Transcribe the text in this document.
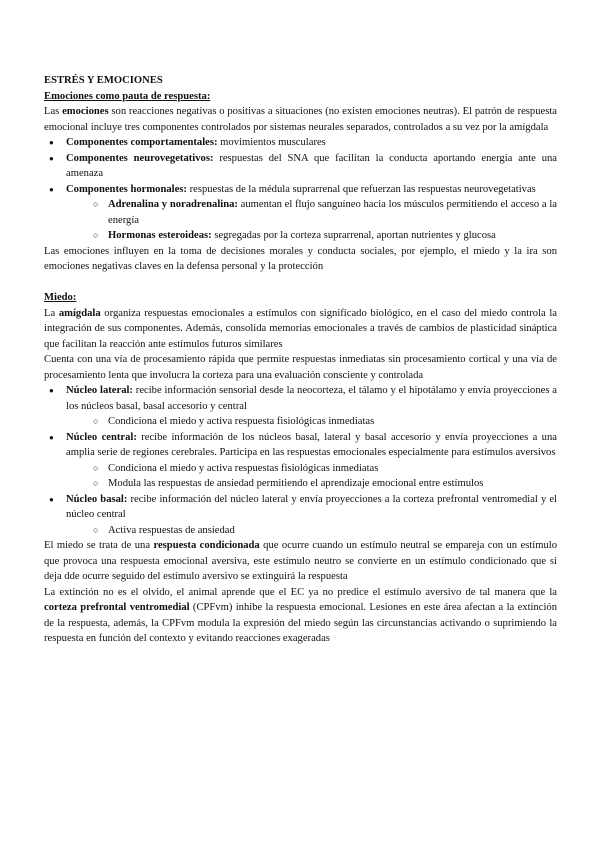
ESTRÉS Y EMOCIONES

Emociones como pauta de respuesta:

Las emociones son reacciones negativas o positivas a situaciones (no existen emociones neutras). El patrón de respuesta emocional incluye tres componentes controlados por sistemas neurales separados, controlados a su vez por la amígdala

● Componentes comportamentales: movimientos musculares
● Componentes neurovegetativos: respuestas del SNA que facilitan la conducta aportando energía ante una amenaza
● Componentes hormonales: respuestas de la médula suprarrenal que refuerzan las respuestas neurovegetativas
○ Adrenalina y noradrenalina: aumentan el flujo sanguíneo hacia los músculos permitiendo el acceso a la energía
○ Hormonas esteroideas: segregadas por la corteza suprarrenal, aportan nutrientes y glucosa

Las emociones influyen en la toma de decisiones morales y conducta sociales, por ejemplo, el miedo y la ira son emociones negativas claves en la defensa personal y la protección

Miedo:

La amígdala organiza respuestas emocionales a estímulos con significado biológico, en el caso del miedo controla la integración de sus componentes. Además, consolida memorias emocionales a través de cambios de plasticidad sináptica que facilitan la reacción ante estímulos futuros similares

Cuenta con una vía de procesamiento rápida que permite respuestas inmediatas sin procesamiento cortical y una vía de procesamiento lenta que involucra la corteza para una evaluación consciente y controlada

● Núcleo lateral: recibe información sensorial desde la neocorteza, el tálamo y el hipotálamo y envía proyecciones a los núcleos basal, basal accesorio y central
○ Condiciona el miedo y activa respuesta fisiológicas inmediatas
● Núcleo central: recibe información de los núcleos basal, lateral y basal accesorio y envía proyecciones a una amplia serie de regiones cerebrales. Participa en las respuestas emocionales especialmente para estímulos aversivos
○ Condiciona el miedo y activa respuestas fisiológicas inmediatas
○ Modula las respuestas de ansiedad permitiendo el aprendizaje emocional entre estímulos
● Núcleo basal: recibe información del núcleo lateral y envía proyecciones a la corteza prefrontal ventromedial y el núcleo central
○ Activa respuestas de ansiedad

El miedo se trata de una respuesta condicionada que ocurre cuando un estímulo neutral se empareja con un estímulo que provoca una respuesta emocional aversiva, este estímulo neutro se convierte en un estímulo condicionado que si deja dde ocurre seguido del estímulo aversivo se extinguirá la respuesta

La extinción no es el olvido, el animal aprende que el EC ya no predice el estímulo aversivo de tal manera que la corteza prefrontal ventromedial (CPFvm) inhibe la respuesta emocional. Lesiones en este área afectan a la extinción de la respuesta, además, la CPFvm modula la expresión del miedo según las circunstancias activando o suprimiendo la respuesta en función del contexto y evitando reacciones exageradas
